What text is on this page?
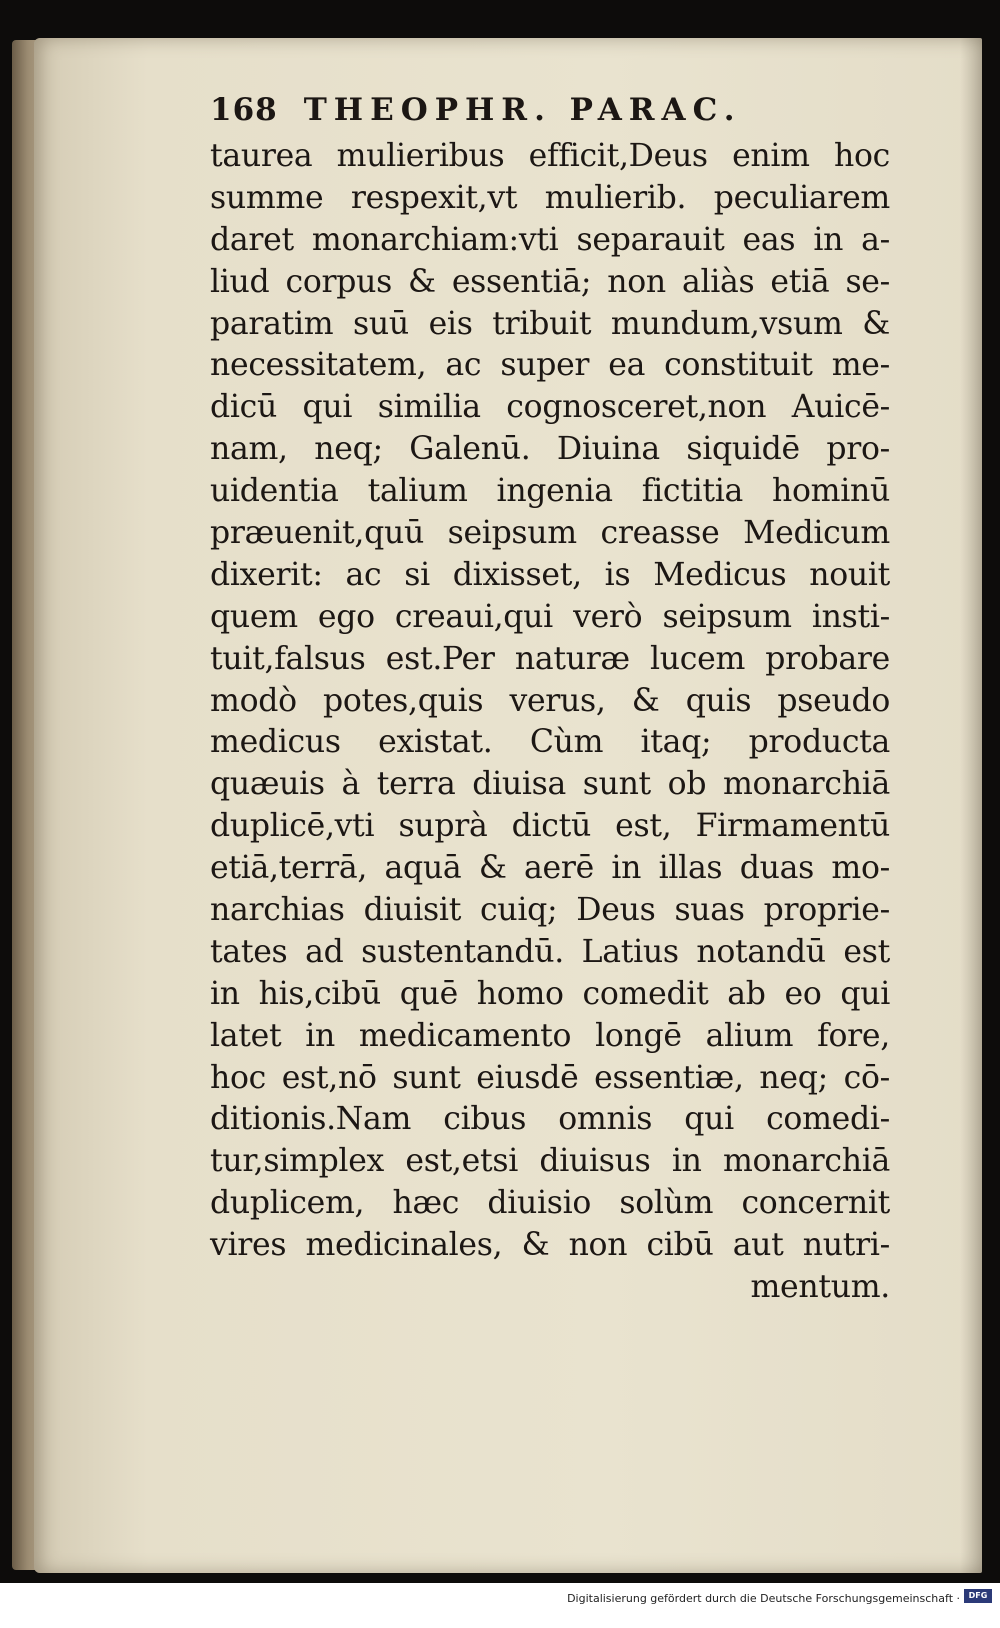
168 THEOPHR. PARAC.
taurea mulieribus efficit,Deus enim hoc
summe respexit,vt mulierib. peculiarem
daret monarchiam:vti separauit eas in a-
liud corpus & essentiā; non aliàs etiā se-
paratim suū eis tribuit mundum,vsum &
necessitatem, ac super ea constituit me-
dicū qui similia cognosceret,non Auicē-
nam, neq; Galenū. Diuina siquidē pro-
uidentia talium ingenia fictitia hominū
præuenit,quū seipsum creasse Medicum
dixerit: ac si dixisset, is Medicus nouit
quem ego creaui,qui verò seipsum insti-
tuit,falsus est.Per naturæ lucem probare
modò potes,quis verus, & quis pseudo
medicus existat. Cùm itaq; producta
quæuis à terra diuisa sunt ob monarchiā
duplicē,vti suprà dictū est, Firmamentū
etiā,terrā, aquā & aerē in illas duas mo-
narchias diuisit cuiq; Deus suas proprie-
tates ad sustentandū. Latius notandū est
in his,cibū quē homo comedit ab eo qui
latet in medicamento longē alium fore,
hoc est,nō sunt eiusdē essentiæ, neq; cō-
ditionis.Nam cibus omnis qui comedi-
tur,simplex est,etsi diuisus in monarchiā
duplicem, hæc diuisio solùm concernit
vires medicinales, & non cibū aut nutri-
mentum.
Digitalisierung gefördert durch die Deutsche Forschungsgemeinschaft ·	DFG
